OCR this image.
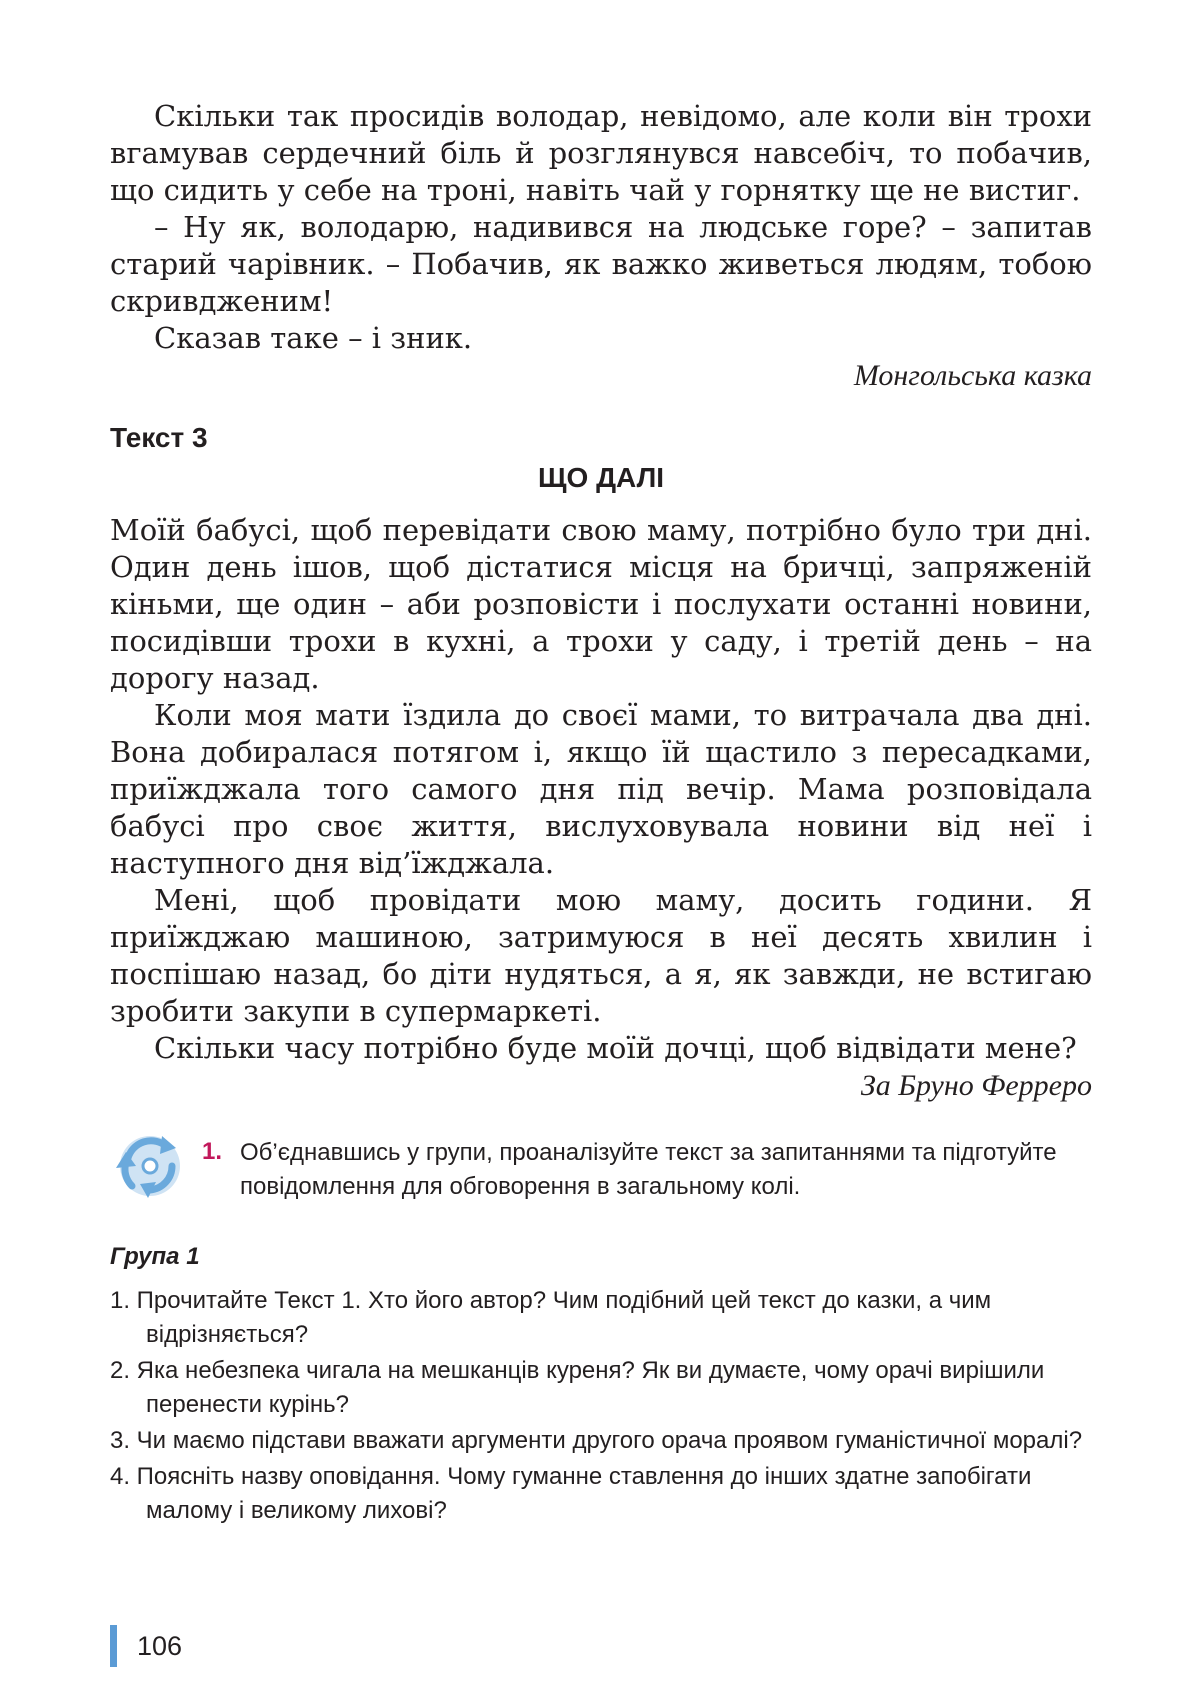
Скільки так просидів володар, невідомо, але коли він трохи вгамував сердечний біль й розглянувся навсебіч, то побачив, що сидить у себе на троні, навіть чай у горнятку ще не вистиг.

– Ну як, володарю, надивився на людське горе? – запитав старий чарівник. – Побачив, як важко живеться людям, тобою скривдженим!

Сказав таке – і зник.

Монгольська казка

Текст 3
ЩО ДАЛІ

Моїй бабусі, щоб перевідати свою маму, потрібно було три дні. Один день ішов, щоб дістатися місця на бричці, запряженій кіньми, ще один – аби розповісти і послухати останні новини, посидівши трохи в кухні, а трохи у саду, і третій день – на дорогу назад.

Коли моя мати їздила до своєї мами, то витрачала два дні. Вона добиралася потягом і, якщо їй щастило з пересадками, приїжджала того самого дня під вечір. Мама розповідала бабусі про своє життя, вислуховувала новини від неї і наступного дня від’їжджала.

Мені, щоб провідати мою маму, досить години. Я приїжджаю машиною, затримуюся в неї десять хвилин і поспішаю назад, бо діти нудяться, а я, як завжди, не встигаю зробити закупи в супермаркеті.

Скільки часу потрібно буде моїй дочці, щоб відвідати мене?

За Бруно Ферреро

1. Об’єднавшись у групи, проаналізуйте текст за запитаннями та підготуйте повідомлення для обговорення в загальному колі.

Група 1
1. Прочитайте Текст 1. Хто його автор? Чим подібний цей текст до казки, а чим відрізняється?
2. Яка небезпека чигала на мешканців куреня? Як ви думаєте, чому орачі вирішили перенести курінь?
3. Чи маємо підстави вважати аргументи другого орача проявом гуманістичної моралі?
4. Поясніть назву оповідання. Чому гуманне ставлення до інших здатне запобігати малому і великому лихові?
106
